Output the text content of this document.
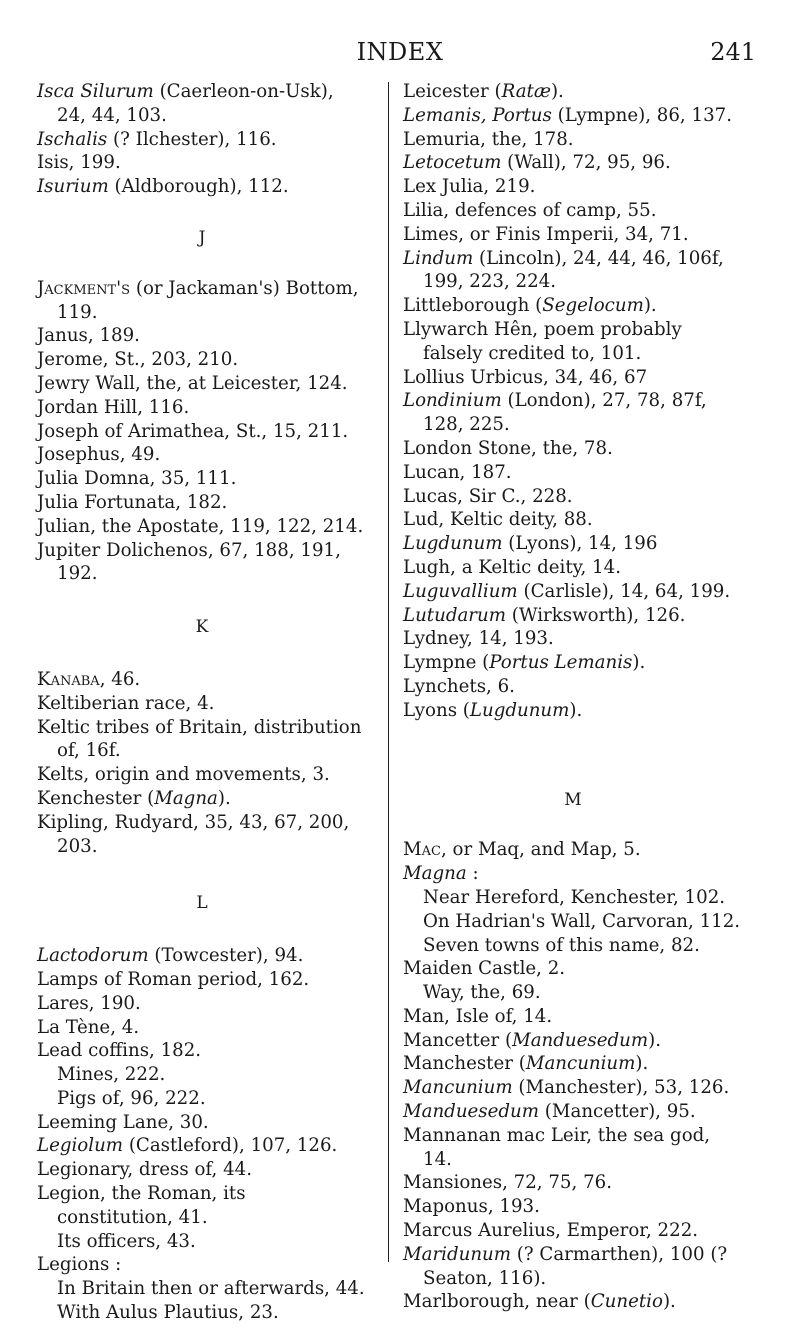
INDEX	241
Isca Silurum (Caerleon-on-Usk), 24, 44, 103.
Ischalis (? Ilchester), 116.
Isis, 199.
Isurium (Aldborough), 112.
J
Jackment's (or Jackaman's) Bottom, 119.
Janus, 189.
Jerome, St., 203, 210.
Jewry Wall, the, at Leicester, 124.
Jordan Hill, 116.
Joseph of Arimathea, St., 15, 211.
Josephus, 49.
Julia Domna, 35, 111.
Julia Fortunata, 182.
Julian, the Apostate, 119, 122, 214.
Jupiter Dolichenos, 67, 188, 191, 192.
K
Kanaba, 46.
Keltiberian race, 4.
Keltic tribes of Britain, distribution of, 16f.
Kelts, origin and movements, 3.
Kenchester (Magna).
Kipling, Rudyard, 35, 43, 67, 200, 203.
L
Lactodorum (Towcester), 94.
Lamps of Roman period, 162.
Lares, 190.
La Tène, 4.
Lead coffins, 182.
Mines, 222.
Pigs of, 96, 222.
Leeming Lane, 30.
Legiolum (Castleford), 107, 126.
Legionary, dress of, 44.
Legion, the Roman, its constitution, 41.
Its officers, 43.
Legions :
In Britain then or afterwards, 44.
With Aulus Plautius, 23.
Leicester (Ratæ).
Lemanis, Portus (Lympne), 86, 137.
Lemuria, the, 178.
Letocetum (Wall), 72, 95, 96.
Lex Julia, 219.
Lilia, defences of camp, 55.
Limes, or Finis Imperii, 34, 71.
Lindum (Lincoln), 24, 44, 46, 106f, 199, 223, 224.
Littleborough (Segelocum).
Llywarch Hên, poem probably falsely credited to, 101.
Lollius Urbicus, 34, 46, 67
Londinium (London), 27, 78, 87f, 128, 225.
London Stone, the, 78.
Lucan, 187.
Lucas, Sir C., 228.
Lud, Keltic deity, 88.
Lugdunum (Lyons), 14, 196
Lugh, a Keltic deity, 14.
Luguvallium (Carlisle), 14, 64, 199.
Lutudarum (Wirksworth), 126.
Lydney, 14, 193.
Lympne (Portus Lemanis).
Lynchets, 6.
Lyons (Lugdunum).
M
Mac, or Maq, and Map, 5.
Magna :
Near Hereford, Kenchester, 102.
On Hadrian's Wall, Carvoran, 112.
Seven towns of this name, 82.
Maiden Castle, 2.
Way, the, 69.
Man, Isle of, 14.
Mancetter (Manduesedum).
Manchester (Mancunium).
Mancunium (Manchester), 53, 126.
Manduesedum (Mancetter), 95.
Mannanan mac Leir, the sea god, 14.
Mansiones, 72, 75, 76.
Maponus, 193.
Marcus Aurelius, Emperor, 222.
Maridunum (? Carmarthen), 100 (? Seaton, 116).
Marlborough, near (Cunetio).
